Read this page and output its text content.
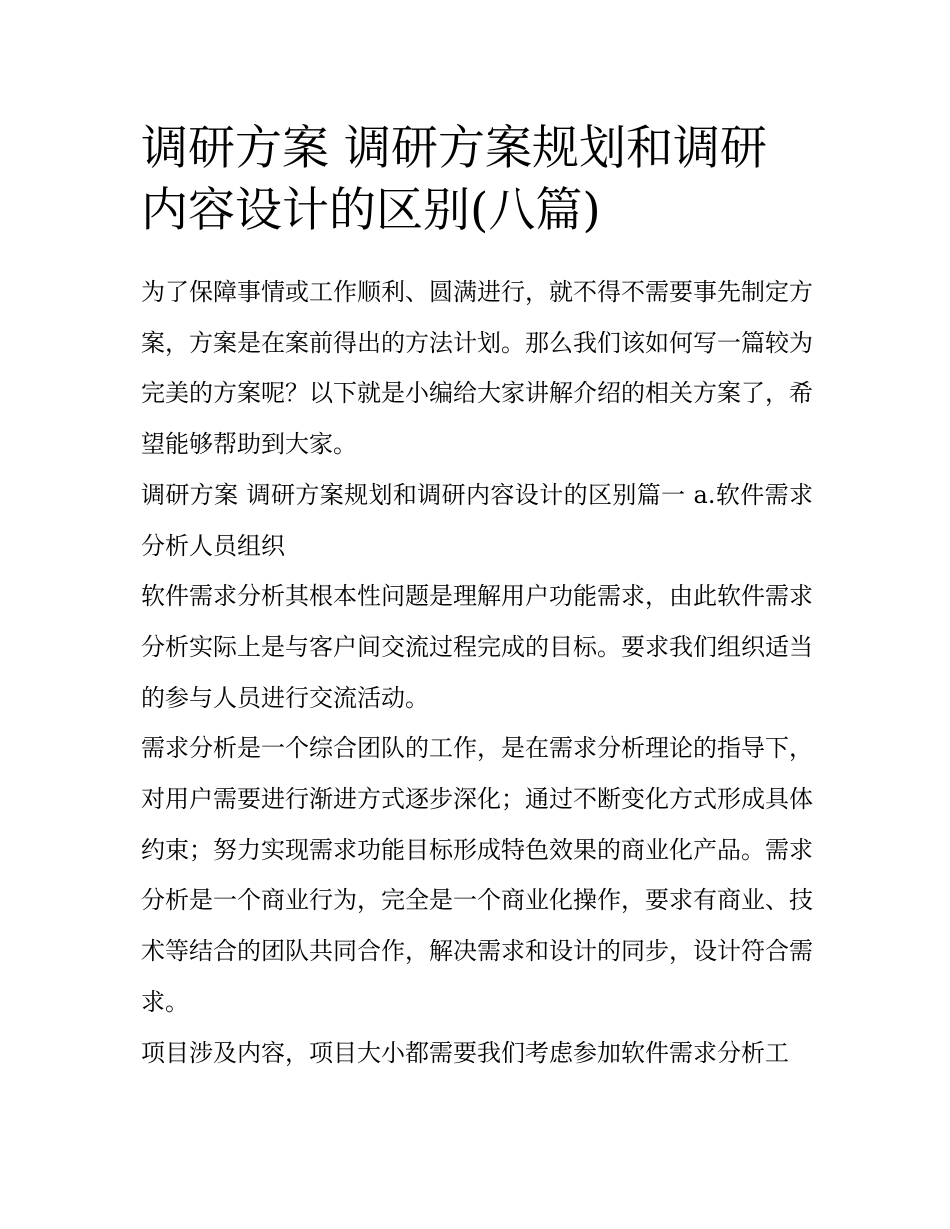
调研方案 调研方案规划和调研内容设计的区别(八篇)

为了保障事情或工作顺利、圆满进行，就不得不需要事先制定方案，方案是在案前得出的方法计划。那么我们该如何写一篇较为完美的方案呢？以下就是小编给大家讲解介绍的相关方案了，希望能够帮助到大家。

调研方案 调研方案规划和调研内容设计的区别篇一 a.软件需求分析人员组织

软件需求分析其根本性问题是理解用户功能需求，由此软件需求分析实际上是与客户间交流过程完成的目标。要求我们组织适当的参与人员进行交流活动。

需求分析是一个综合团队的工作，是在需求分析理论的指导下，对用户需要进行渐进方式逐步深化；通过不断变化方式形成具体约束；努力实现需求功能目标形成特色效果的商业化产品。需求分析是一个商业行为，完全是一个商业化操作，要求有商业、技术等结合的团队共同合作，解决需求和设计的同步，设计符合需求。

项目涉及内容，项目大小都需要我们考虑参加软件需求分析工
